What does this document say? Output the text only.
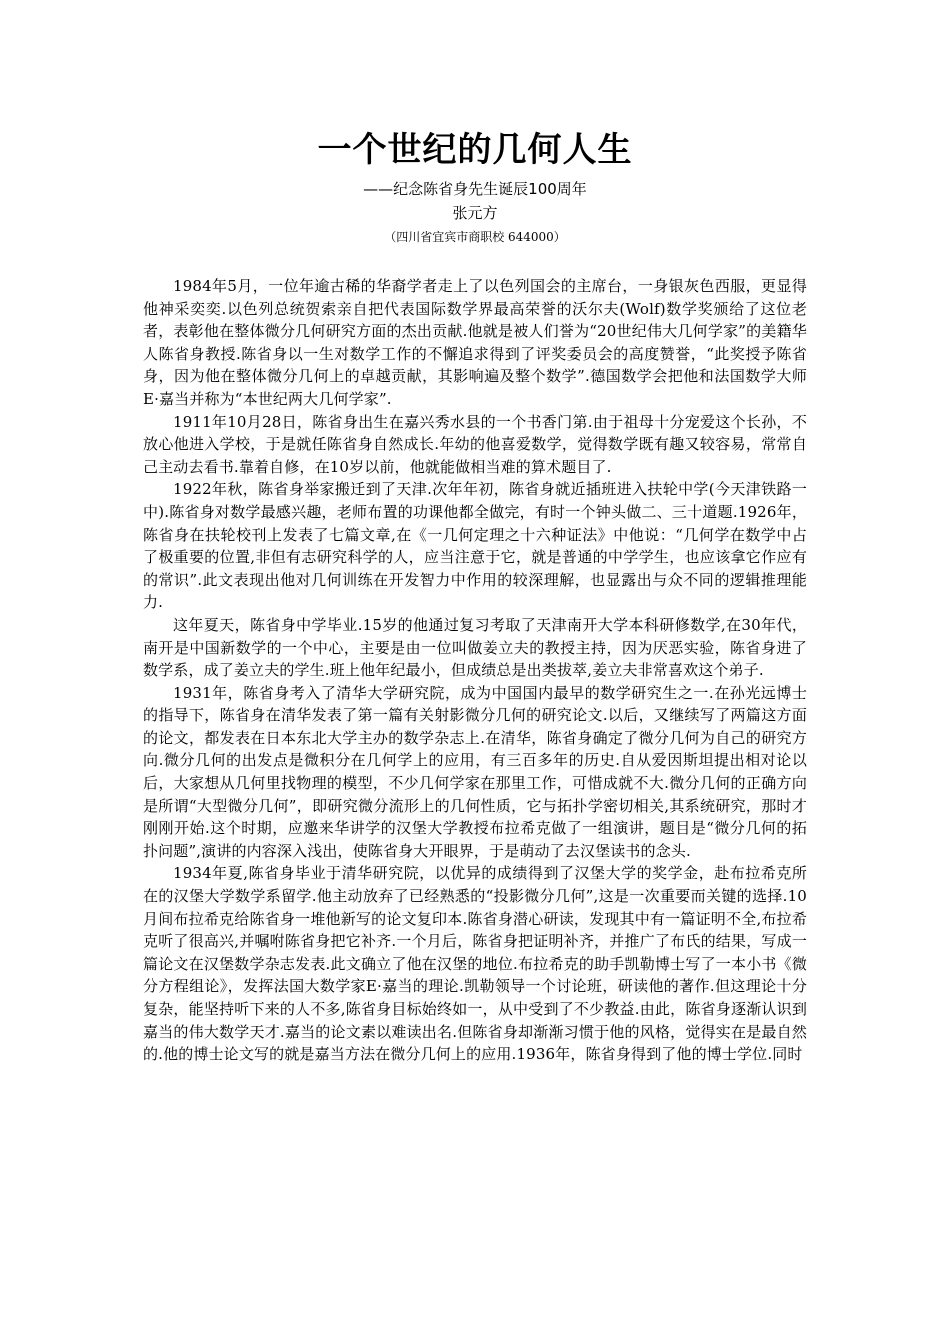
一个世纪的几何人生
——纪念陈省身先生诞辰100周年
张元方
（四川省宜宾市商职校 644000）

1984年5月，一位年逾古稀的华裔学者走上了以色列国会的主席台，一身银灰色西服，更显得他神采奕奕.以色列总统贺索亲自把代表国际数学界最高荣誉的沃尔夫(Wolf)数学奖颁给了这位老者，表彰他在整体微分几何研究方面的杰出贡献.他就是被人们誉为“20世纪伟大几何学家”的美籍华人陈省身教授.陈省身以一生对数学工作的不懈追求得到了评奖委员会的高度赞誉，“此奖授予陈省身，因为他在整体微分几何上的卓越贡献，其影响遍及整个数学”.德国数学会把他和法国数学大师E·嘉当并称为“本世纪两大几何学家”.

1911年10月28日，陈省身出生在嘉兴秀水县的一个书香门第.由于祖母十分宠爱这个长孙，不放心他进入学校，于是就任陈省身自然成长.年幼的他喜爱数学，觉得数学既有趣又较容易，常常自己主动去看书.靠着自修，在10岁以前，他就能做相当难的算术题目了.

1922年秋，陈省身举家搬迁到了天津.次年年初，陈省身就近插班进入扶轮中学(今天津铁路一中).陈省身对数学最感兴趣，老师布置的功课他都全做完，有时一个钟头做二、三十道题.1926年，陈省身在扶轮校刊上发表了七篇文章,在《一几何定理之十六种证法》中他说：“几何学在数学中占了极重要的位置,非但有志研究科学的人，应当注意于它，就是普通的中学学生，也应该拿它作应有的常识”.此文表现出他对几何训练在开发智力中作用的较深理解，也显露出与众不同的逻辑推理能力.

这年夏天，陈省身中学毕业.15岁的他通过复习考取了天津南开大学本科研修数学,在30年代，南开是中国新数学的一个中心，主要是由一位叫做姜立夫的教授主持，因为厌恶实验，陈省身进了数学系，成了姜立夫的学生.班上他年纪最小，但成绩总是出类拔萃,姜立夫非常喜欢这个弟子.

1931年，陈省身考入了清华大学研究院，成为中国国内最早的数学研究生之一.在孙光远博士的指导下，陈省身在清华发表了第一篇有关射影微分几何的研究论文.以后，又继续写了两篇这方面的论文，都发表在日本东北大学主办的数学杂志上.在清华，陈省身确定了微分几何为自己的研究方向.微分几何的出发点是微积分在几何学上的应用，有三百多年的历史.自从爱因斯坦提出相对论以后，大家想从几何里找物理的模型，不少几何学家在那里工作，可惜成就不大.微分几何的正确方向是所谓“大型微分几何”，即研究微分流形上的几何性质，它与拓扑学密切相关,其系统研究，那时才刚刚开始.这个时期，应邀来华讲学的汉堡大学教授布拉希克做了一组演讲，题目是“微分几何的拓扑问题”,演讲的内容深入浅出，使陈省身大开眼界，于是萌动了去汉堡读书的念头.

1934年夏,陈省身毕业于清华研究院，以优异的成绩得到了汉堡大学的奖学金，赴布拉希克所在的汉堡大学数学系留学.他主动放弃了已经熟悉的“投影微分几何”,这是一次重要而关键的选择.10月间布拉希克给陈省身一堆他新写的论文复印本.陈省身潜心研读，发现其中有一篇证明不全,布拉希克听了很高兴,并嘱咐陈省身把它补齐.一个月后，陈省身把证明补齐，并推广了布氏的结果，写成一篇论文在汉堡数学杂志发表.此文确立了他在汉堡的地位.布拉希克的助手凯勒博士写了一本小书《微分方程组论》，发挥法国大数学家E·嘉当的理论.凯勒领导一个讨论班，研读他的著作.但这理论十分复杂，能坚持听下来的人不多,陈省身目标始终如一，从中受到了不少教益.由此，陈省身逐渐认识到嘉当的伟大数学天才.嘉当的论文素以难读出名.但陈省身却渐渐习惯于他的风格，觉得实在是最自然的.他的博士论文写的就是嘉当方法在微分几何上的应用.1936年，陈省身得到了他的博士学位.同时
